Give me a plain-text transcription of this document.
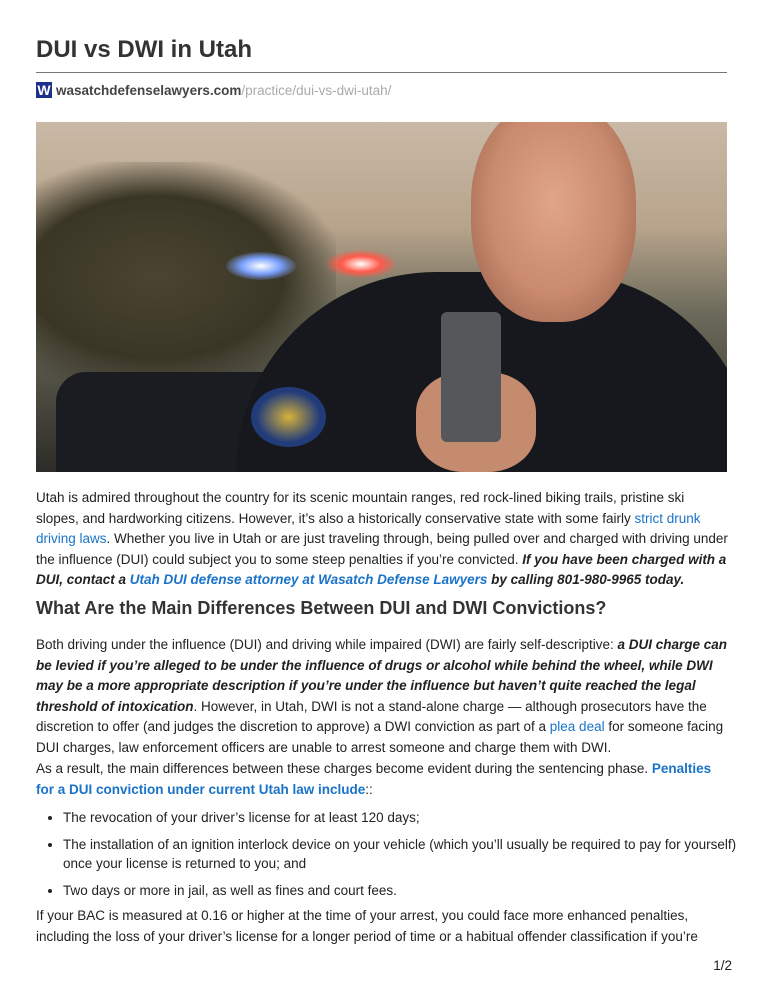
DUI vs DWI in Utah
W wasatchdefenselawyers.com /practice/dui-vs-dwi-utah/

Utah is admired throughout the country for its scenic mountain ranges, red rock-lined biking trails, pristine ski slopes, and hardworking citizens. However, it’s also a historically conservative state with some fairly strict drunk driving laws. Whether you live in Utah or are just traveling through, being pulled over and charged with driving under the influence (DUI) could subject you to some steep penalties if you’re convicted. If you have been charged with a DUI, contact a Utah DUI defense attorney at Wasatch Defense Lawyers by calling 801-980-9965 today.

What Are the Main Differences Between DUI and DWI Convictions?

Both driving under the influence (DUI) and driving while impaired (DWI) are fairly self-descriptive: a DUI charge can be levied if you’re alleged to be under the influence of drugs or alcohol while behind the wheel, while DWI may be a more appropriate description if you’re under the influence but haven’t quite reached the legal threshold of intoxication. However, in Utah, DWI is not a stand-alone charge — although prosecutors have the discretion to offer (and judges the discretion to approve) a DWI conviction as part of a plea deal for someone facing DUI charges, law enforcement officers are unable to arrest someone and charge them with DWI.

As a result, the main differences between these charges become evident during the sentencing phase. Penalties for a DUI conviction under current Utah law include::

• The revocation of your driver’s license for at least 120 days;
• The installation of an ignition interlock device on your vehicle (which you’ll usually be required to pay for yourself) once your license is returned to you; and
• Two days or more in jail, as well as fines and court fees.

If your BAC is measured at 0.16 or higher at the time of your arrest, you could face more enhanced penalties, including the loss of your driver’s license for a longer period of time or a habitual offender classification if you’re

1/2
